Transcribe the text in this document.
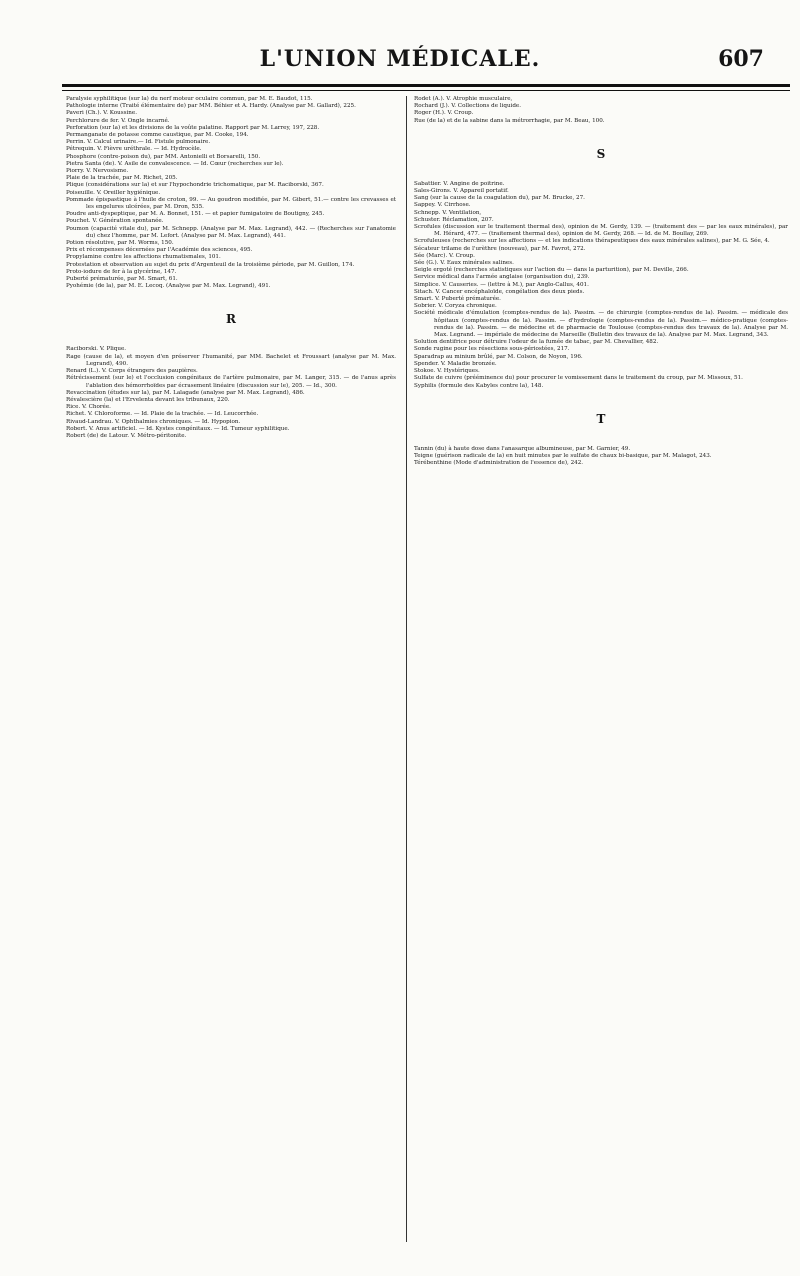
L'UNION MÉDICALE.	607

Paralysie syphilitique (sur la) du nerf moteur oculaire commun, par M. E. Baudot, 115.

Pathologie interne (Traité élémentaire de) par MM. Béhier et A. Hardy. (Analyse par M. Gallard), 225.

Paveri (Ch.). V. Koussine.

Perchlorure de fer. V. Ongle incarné.

Perforation (sur la) et les divisions de la voûte palatine. Rapport par M. Larrey, 197, 228.

Permanganate de potasse comme caustique, par M. Cooke, 194.

Perrin. V. Calcul urinaire.— Id. Fistule pulmonaire.

Pétrequin. V. Fièvre uréthrale. — Id. Hydrocèle.

Phosphore (contre-poison du), par MM. Antonielli et Borsarelli, 150.

Pietra Santa (de). V. Asile de convalescence. — Id. Cœur (recherches sur le).

Piorry. V. Nervosisme.

Plaie de la trachée, par M. Richet, 205.

Plique (considérations sur la) et sur l'hypochondrie trichomatique, par M. Raciborski, 367.

Poiseuille. V. Oreiller hygiénique.

Pommade épispastique à l'huile de croton, 99. — Au goudron modifiée, par M. Gibert, 51.— contre les crevasses et les engelures ulcérées, par M. Dron, 535.

Poudre anti-dyspeptique, par M. A. Bonnet, 151. — et papier fumigatoire de Boutigny, 245.

Pouchet. V. Génération spontanée.

Poumon (capacité vitale du), par M. Schnepp. (Analyse par M. Max. Legrand), 442. — (Recherches sur l'anatomie du) chez l'homme, par M. Lefort. (Analyse par M. Max. Legrand), 441.

Potion résolutive, par M. Worms, 150.

Prix et récompenses décernées par l'Académie des sciences, 495.

Propylamine contre les affections rhumatismales, 101.

Protestation et observation au sujet du prix d'Argenteuil de la troisième période, par M. Guillon, 174.

Proto-iodure de fer à la glycérine, 147.

Puberté prématurée, par M. Smart, 61.

Pyohémie (de la), par M. E. Lecoq. (Analyse par M. Max. Legrand), 491.

R

Raciborski. V. Plique.

Rage (cause de la), et moyen d'en préserver l'humanité, par MM. Bachelet et Froussart (analyse par M. Max. Legrand), 490.

Renard (L.). V. Corps étrangers des paupières.

Rétrécissement (sur le) et l'occlusion congénitaux de l'artère pulmonaire, par M. Langer, 315. — de l'anus après l'ablation des hémorrhoïdes par écrasement linéaire (discussion sur le), 205. — Id., 300.

Revaccination (études sur la), par M. Lalagade (analyse par M. Max. Legrand), 486.

Révalescière (la) et l'Ervelenta devant les tribunaux, 220.

Rice. V. Chorée.

Richet. V. Chloroforme. — Id. Plaie de la trachée. — Id. Leucorrhée.

Rivaud-Landrau. V. Ophthalmies chroniques. — Id. Hypopion.

Robert. V. Anus artificiel. — Id. Kystes congénitaux. — Id. Tumeur syphilitique.

Robert (de) de Latour. V. Métro-péritonite.

Rodet (A.). V. Atrophie musculaire,

Rochard (J.). V. Collections de liquide.

Roger (H.). V. Croup.

Rue (de la) et de la sabine dans la métrorrhagie, par M. Beau, 100.

S

Sabattier. V. Angine de poitrine.

Sales-Girons. V. Appareil portatif.

Sang (sur la cause de la coagulation du), par M. Brucke, 27.

Sappey. V. Cirrhose.

Schnepp. V. Ventilation,

Schuster. Réclamation, 207.

Scrofules (discussion sur le traitement thermal des), opinion de M. Gerdy, 139. — (traitement des — par les eaux minérales), par M. Hérard, 477. — (traitement thermal des), opinion de M. Gerdy, 268. — Id. de M. Boullay, 269.

Scrofuleuses (recherches sur les affections — et les indications thérapeutiques des eaux minérales salines), par M. G. Sée, 4.

Sécateur trilame de l'urèthre (nouveau), par M. Favrot, 272.

Sée (Marc). V. Croup.

Sée (G.). V. Eaux minérales salines.

Seigle ergoté (recherches statistiques sur l'action du — dans la parturition), par M. Deville, 266.

Service médical dans l'armée anglaise (organisation du), 239.

Simplice. V. Causeries. — (lettre à M.), par Anglo-Callus, 401.

Sitach. V. Cancer encéphaloïde, congélation des deux pieds.

Smart. V. Puberté prématurée.

Sobrier. V. Coryza chronique.

Société médicale d'émulation (comptes-rendus de la). Passim. — de chirurgie (comptes-rendus de la). Passim. — médicale des hôpitaux (comptes-rendus de la). Passim. — d'hydrologie (comptes-rendus de la). Passim.— médico-pratique (comptes-rendus de la). Passim. — de médecine et de pharmacie de Toulouse (comptes-rendus des travaux de la). Analyse par M. Max. Legrand. — impériale de médecine de Marseille (Bulletin des travaux de la). Analyse par M. Max. Legrand, 343.

Solution dentifrice pour détruire l'odeur de la fumée de tabac, par M. Chevallier, 482.

Sonde rugine pour les résections sous-périostées, 217.

Sparadrap au minium brûlé, par M. Colson, de Noyon, 196.

Spender. V. Maladie bronzée.

Stokoe. V. Hystériques.

Sulfate de cuivre (prééminence du) pour procurer le vomissement dans le traitement du croup, par M. Missoux, 51.

Syphilis (formule des Kabyles contre la), 148.

T

Tannin (du) à haute dose dans l'anasarque albumineuse, par M. Garnier, 49.

Teigne (guérison radicale de la) en huit minutes par le sulfate de chaux bi-basique, par M. Malagot, 243.

Térébenthine (Mode d'administration de l'essence de), 242.
